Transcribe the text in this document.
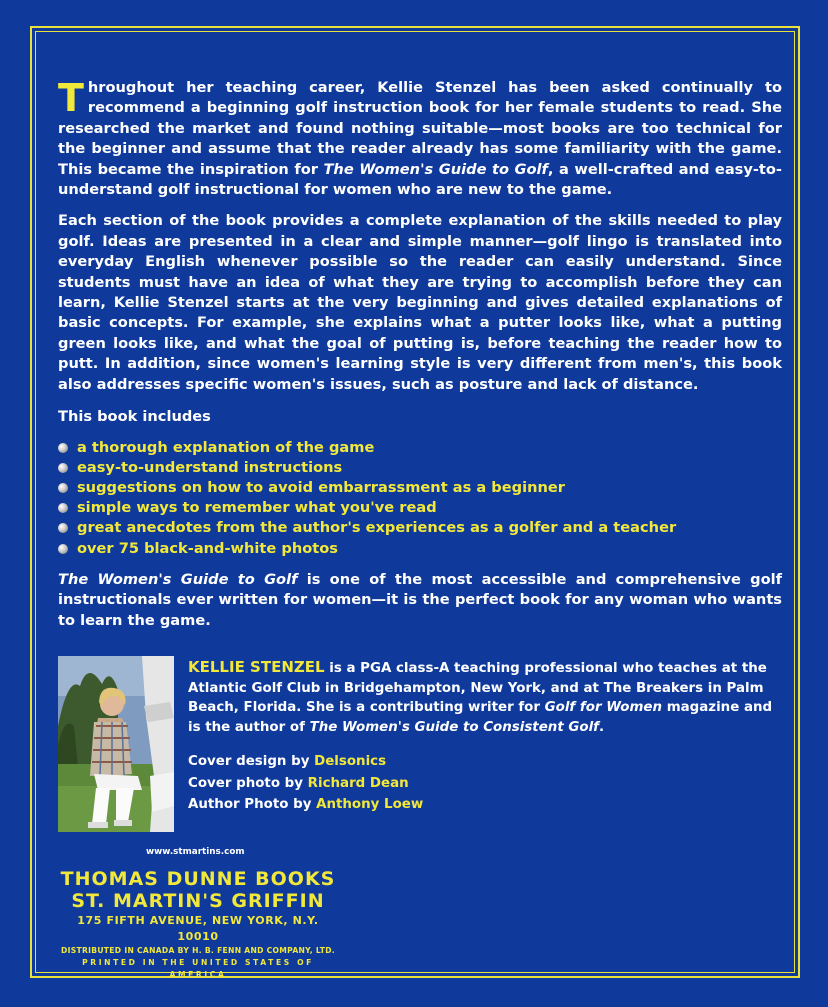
Throughout her teaching career, Kellie Stenzel has been asked continually to recommend a beginning golf instruction book for her female students to read. She researched the market and found nothing suitable—most books are too technical for the beginner and assume that the reader already has some familiarity with the game. This became the inspiration for The Women's Guide to Golf, a well-crafted and easy-to-understand golf instructional for women who are new to the game.

Each section of the book provides a complete explanation of the skills needed to play golf. Ideas are presented in a clear and simple manner—golf lingo is translated into everyday English whenever possible so the reader can easily understand. Since students must have an idea of what they are trying to accomplish before they can learn, Kellie Stenzel starts at the very beginning and gives detailed explanations of basic concepts. For example, she explains what a putter looks like, what a putting green looks like, and what the goal of putting is, before teaching the reader how to putt. In addition, since women's learning style is very different from men's, this book also addresses specific women's issues, such as posture and lack of distance.

This book includes

a thorough explanation of the game
easy-to-understand instructions
suggestions on how to avoid embarrassment as a beginner
simple ways to remember what you've read
great anecdotes from the author's experiences as a golfer and a teacher
over 75 black-and-white photos

The Women's Guide to Golf is one of the most accessible and comprehensive golf instructionals ever written for women—it is the perfect book for any woman who wants to learn the game.

KELLIE STENZEL is a PGA class-A teaching professional who teaches at the Atlantic Golf Club in Bridgehampton, New York, and at The Breakers in Palm Beach, Florida. She is a contributing writer for Golf for Women magazine and is the author of The Women's Guide to Consistent Golf.

Cover design by Delsonics
Cover photo by Richard Dean
Author Photo by Anthony Loew
www.stmartins.com
THOMAS DUNNE BOOKS
ST. MARTIN'S GRIFFIN
175 FIFTH AVENUE, NEW YORK, N.Y. 10010
DISTRIBUTED IN CANADA BY H. B. FENN AND COMPANY, LTD.
PRINTED IN THE UNITED STATES OF AMERICA
